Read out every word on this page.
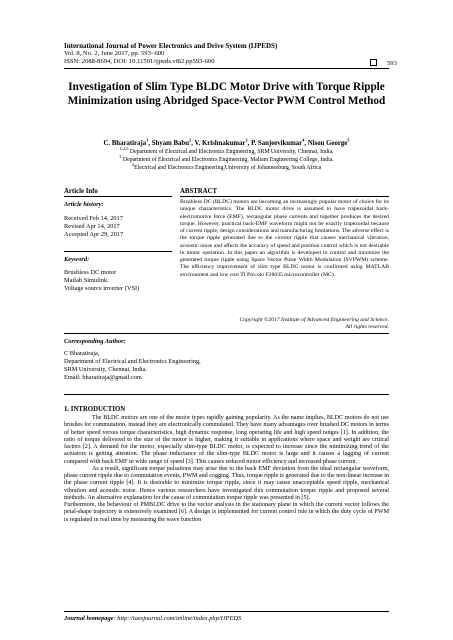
International Journal of Power Electronics and Drive System (IJPEDS)
Vol. 8, No. 2, June 2017, pp. 593~600
ISSN: 2088-8694, DOI: 10.11591/ijpeds.v8i2.pp593-600	593
Investigation of Slim Type BLDC Motor Drive with Torque Ripple Minimization using Abridged Space-Vector PWM Control Method
C. Bharatiraja$^1$, Shyam Babu$^2$, V. Krishnakumar$^3$, P. Sanjeevikumar$^4$, Nison George$^5$
$^{1,2,5}$ Department of Electrical and Electronics Engineering, SRM University, Chennai, India.
$^3$ Department of Electrical and Electronics Engineering, Maliam Engineering College, India.
$^4$Electrical and Electronics Engineering,University of Johannesburg, South Africa
Article Info
Article history:
Received Feb 14, 2017
Revised Apr 14, 2017
Accepted Apr 29, 2017
Keyword:
Brushless DC motor
Matlab Simulink.
Voltage source inverter (VSI)
ABSTRACT
Brushless DC (BLDC) motors are becoming an increasingly popular motor of choice for its unique characteristics. The BLDC motor drive is assumed to have trapezoidal back-electromotive force (EMF), rectangular phase currents and together produces the desired torque. However, practical back-EMF waveform might not be exactly trapezoidal because of current ripple, design considerations and manufacturing limitations. The adverse effect is the torque ripple generated due to the current ripple that causes mechanical vibration, acoustic noise and affects the accuracy of speed and position control which is not desirable in motor operation. In this paper an algorithm is developed to control and minimize the generated torque ripple using Space Vector Pulse Width Modulation (SVPWM) scheme. The efficiency improvement of slim type BLDC motor is confirmed using MATLAB environment and low cost TI Piccolo F28035 microcontroller (MC).
Copyright ©2017 Institute of Advanced Engineering and Science.
All rights reserved.
Corresponding Author:
C Bharatiraja,
Department of Electrical and Electronics Engineering,
SRM University, Chennai, India.
Email: bharatiraja@gmail.com
1. INTRODUCTION

The BLDC motors are one of the motor types rapidly gaining popularity. As the name implies, BLDC motors do not use brushes for commutation, instead they are electronically commutated. They have many advantages over brushed DC motors in terms of better speed versus torque characteristics, high dynamic response, long operating life and high speed ranges [1]. In addition, the ratio of torque delivered to the size of the motor is higher, making it suitable in applications where space and weight are critical factors [2]. A demand for the motor, especially slim-type BLDC motor, is expected to increase since the minimizing trend of the actuators is getting attention. The phase inductance of the slim-type BLDC motor is large and it causes a lagging of current compared with back EMF in wide range of speed [3]. This causes reduced motor efficiency and increased phase current.

As a result, significant torque pulsations may arise due to the back EMF deviation from the ideal rectangular waveform, phase current ripple due to commutation events, PWM and cogging. Thus, torque ripple is generated due to the non-linear increase in the phase current ripple [4]. It is desirable to minimize torque ripple, since it may cause unacceptable speed ripple, mechanical vibration and acoustic noise. Hence various researchers have investigated this commutation torque ripple and proposed several methods. An alternative explanation for the cause of commutation torque ripple was presented in [5].

Furthermore, the behaviour of PMBLDC drive to the vector analysis in the stationary plane in which the current vector follows the petal-shape trajectory is extensively examined [6]. A design is implemented for current control rule in which the duty cycle of PWM is regulated in real time by measuring the wave function

Journal homepage: http://iaesjournal.com/online/index.php/IJPEDS
